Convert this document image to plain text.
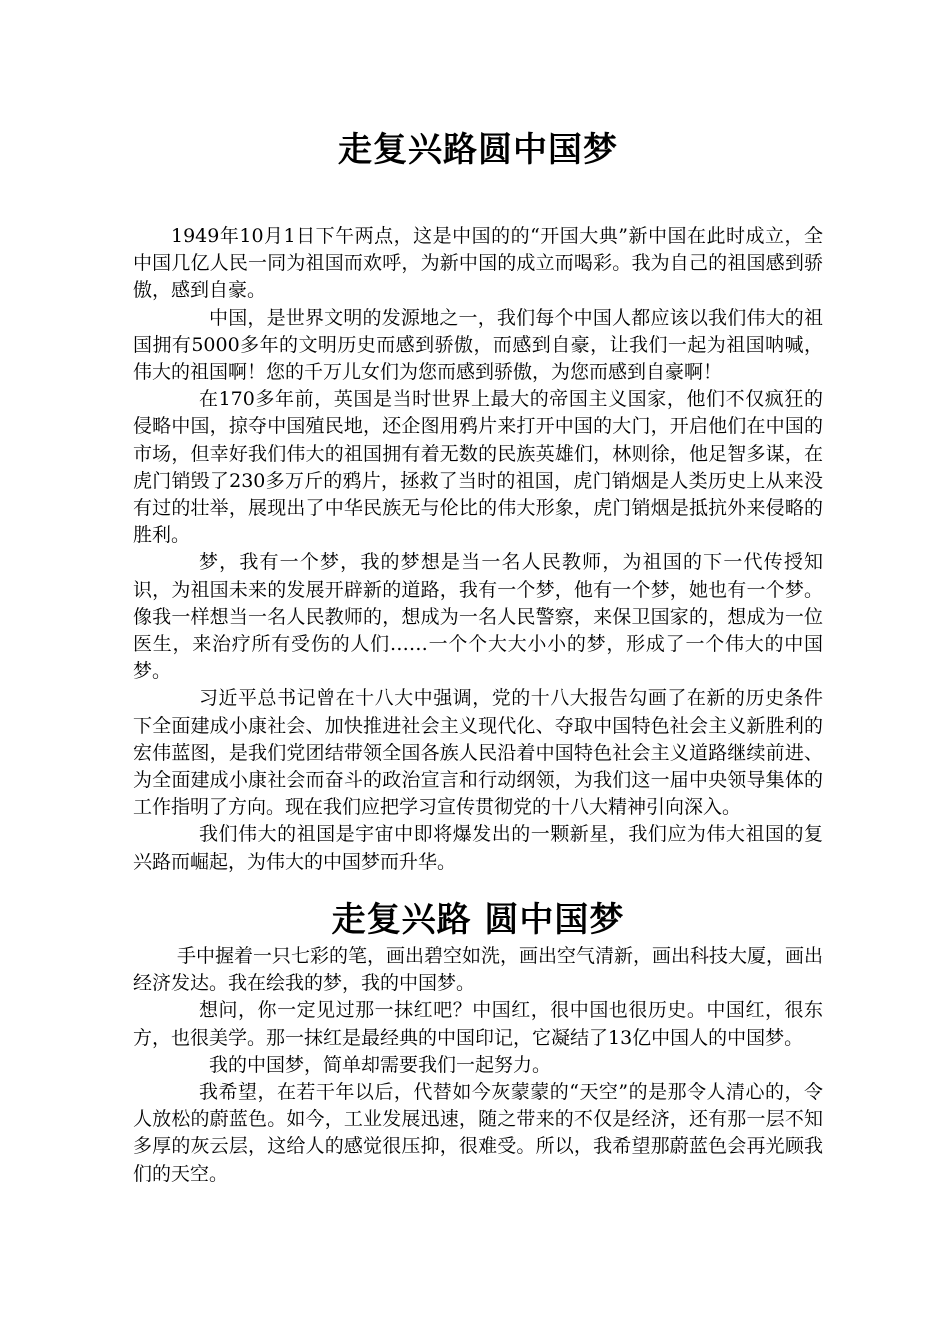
走复兴路圆中国梦

1949年10月1日下午两点，这是中国的的“开国大典”新中国在此时成立，全中国几亿人民一同为祖国而欢呼，为新中国的成立而喝彩。我为自己的祖国感到骄傲，感到自豪。

中国，是世界文明的发源地之一，我们每个中国人都应该以我们伟大的祖国拥有5000多年的文明历史而感到骄傲，而感到自豪，让我们一起为祖国呐喊，伟大的祖国啊！您的千万儿女们为您而感到骄傲，为您而感到自豪啊！

在170多年前，英国是当时世界上最大的帝国主义国家，他们不仅疯狂的侵略中国，掠夺中国殖民地，还企图用鸦片来打开中国的大门，开启他们在中国的市场，但幸好我们伟大的祖国拥有着无数的民族英雄们，林则徐，他足智多谋，在虎门销毁了230多万斤的鸦片，拯救了当时的祖国，虎门销烟是人类历史上从来没有过的壮举，展现出了中华民族无与伦比的伟大形象，虎门销烟是抵抗外来侵略的胜利。

梦，我有一个梦，我的梦想是当一名人民教师，为祖国的下一代传授知识，为祖国未来的发展开辟新的道路，我有一个梦，他有一个梦，她也有一个梦。像我一样想当一名人民教师的，想成为一名人民警察，来保卫国家的，想成为一位医生，来治疗所有受伤的人们……一个个大大小小的梦，形成了一个伟大的中国梦。

习近平总书记曾在十八大中强调，党的十八大报告勾画了在新的历史条件下全面建成小康社会、加快推进社会主义现代化、夺取中国特色社会主义新胜利的宏伟蓝图，是我们党团结带领全国各族人民沿着中国特色社会主义道路继续前进、为全面建成小康社会而奋斗的政治宣言和行动纲领，为我们这一届中央领导集体的工作指明了方向。现在我们应把学习宣传贯彻党的十八大精神引向深入。

我们伟大的祖国是宇宙中即将爆发出的一颗新星，我们应为伟大祖国的复兴路而崛起，为伟大的中国梦而升华。

走复兴路 圆中国梦

手中握着一只七彩的笔，画出碧空如洗，画出空气清新，画出科技大厦，画出经济发达。我在绘我的梦，我的中国梦。

想问，你一定见过那一抹红吧？中国红，很中国也很历史。中国红，很东方，也很美学。那一抹红是最经典的中国印记，它凝结了13亿中国人的中国梦。

我的中国梦，简单却需要我们一起努力。

我希望，在若干年以后，代替如今灰蒙蒙的“天空”的是那令人清心的，令人放松的蔚蓝色。如今，工业发展迅速，随之带来的不仅是经济，还有那一层不知多厚的灰云层，这给人的感觉很压抑，很难受。所以，我希望那蔚蓝色会再光顾我们的天空。
